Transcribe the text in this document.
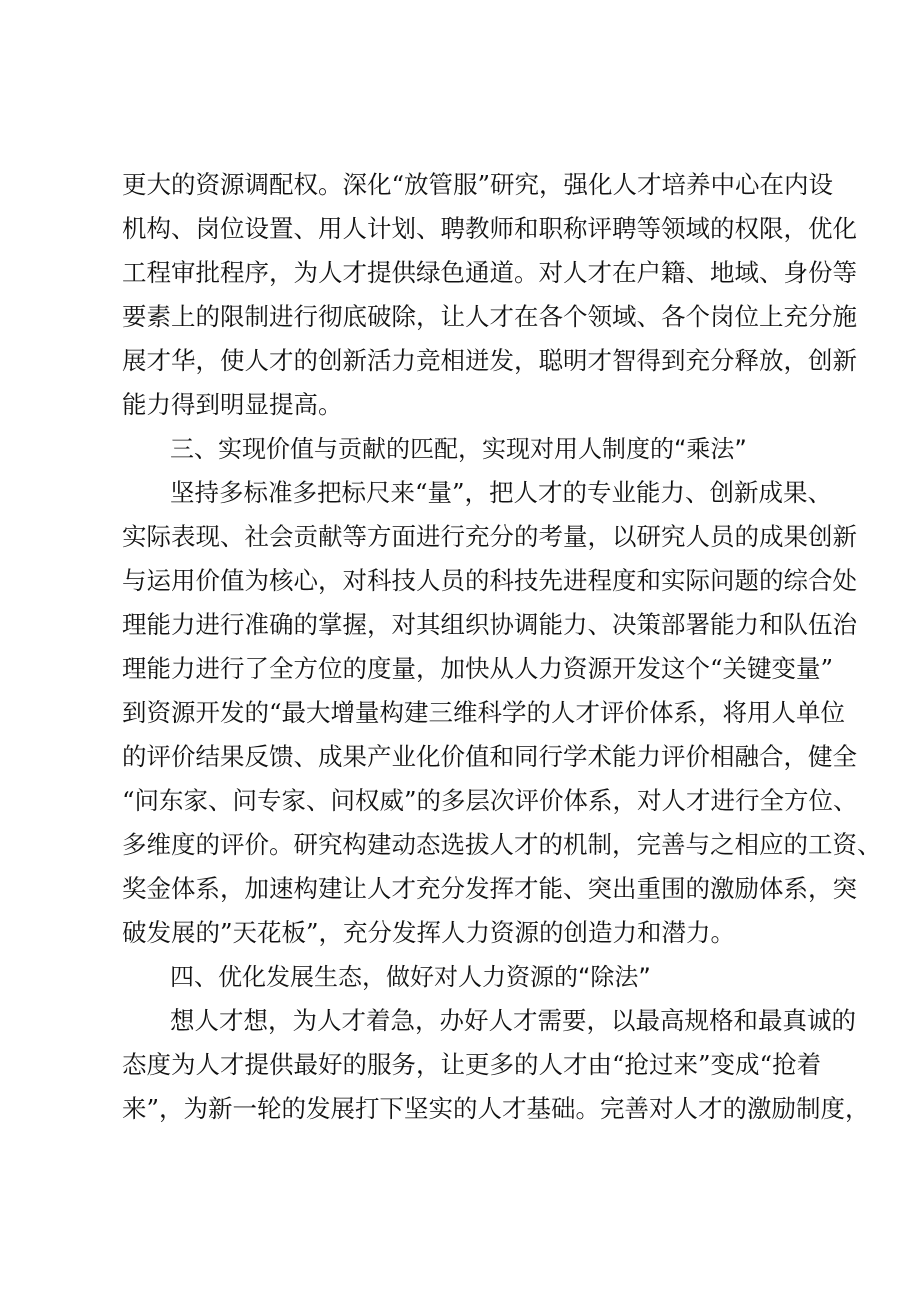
更大的资源调配权。深化“放管服”研究，强化人才培养中心在内设
机构、岗位设置、用人计划、聘教师和职称评聘等领域的权限，优化
工程审批程序，为人才提供绿色通道。对人才在户籍、地域、身份等
要素上的限制进行彻底破除，让人才在各个领域、各个岗位上充分施
展才华，使人才的创新活力竞相迸发，聪明才智得到充分释放，创新
能力得到明显提高。
三、实现价值与贡献的匹配，实现对用人制度的“乘法”
坚持多标准多把标尺来“量”，把人才的专业能力、创新成果、
实际表现、社会贡献等方面进行充分的考量，以研究人员的成果创新
与运用价值为核心，对科技人员的科技先进程度和实际问题的综合处
理能力进行准确的掌握，对其组织协调能力、决策部署能力和队伍治
理能力进行了全方位的度量，加快从人力资源开发这个“关键变量”
到资源开发的“最大增量构建三维科学的人才评价体系，将用人单位
的评价结果反馈、成果产业化价值和同行学术能力评价相融合，健全
“问东家、问专家、问权威”的多层次评价体系，对人才进行全方位、
多维度的评价。研究构建动态选拔人才的机制，完善与之相应的工资、
奖金体系，加速构建让人才充分发挥才能、突出重围的激励体系，突
破发展的”天花板”，充分发挥人力资源的创造力和潜力。
四、优化发展生态，做好对人力资源的“除法”
想人才想，为人才着急，办好人才需要，以最高规格和最真诚的
态度为人才提供最好的服务，让更多的人才由“抢过来”变成“抢着
来”，为新一轮的发展打下坚实的人才基础。完善对人才的激励制度，
